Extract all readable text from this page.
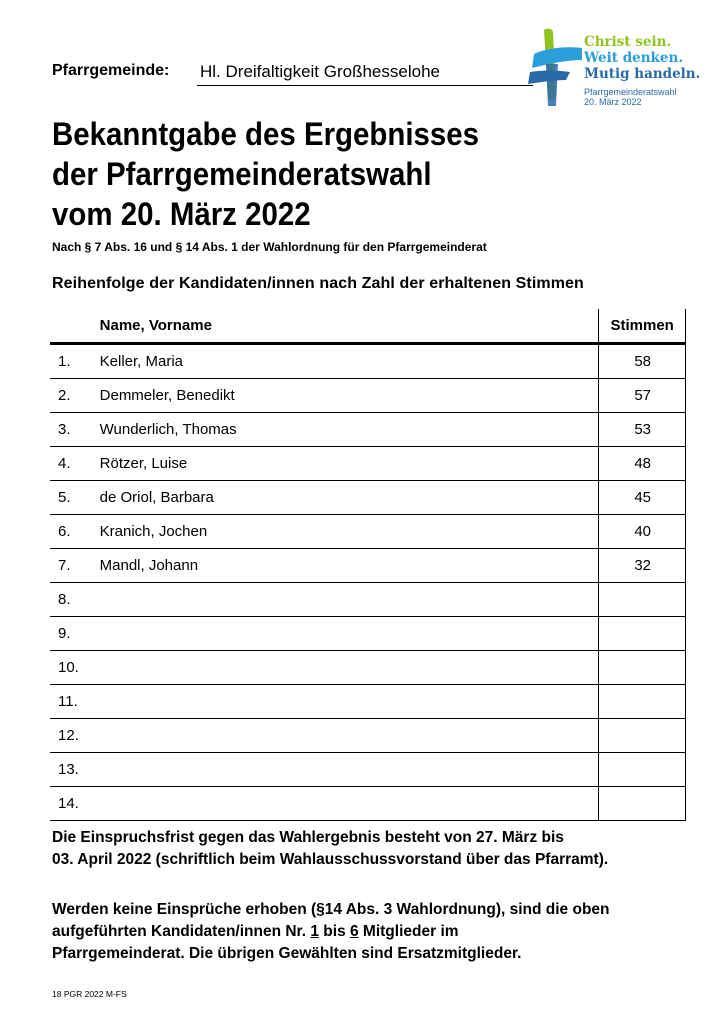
Pfarrgemeinde: Hl. Dreifaltigkeit Großhesselohe
Christ sein.
Weit denken.
Mutig handeln.
Pfarrgemeinderatswahl
20. März 2022
Bekanntgabe des Ergebnisses
der Pfarrgemeinderatswahl
vom 20. März 2022
Nach § 7 Abs. 16 und § 14 Abs. 1 der Wahlordnung für den Pfarrgemeinderat
Reihenfolge der Kandidaten/innen nach Zahl der erhaltenen Stimmen
	Name, Vorname	Stimmen
1.	Keller, Maria	58
2.	Demmeler, Benedikt	57
3.	Wunderlich, Thomas	53
4.	Rötzer, Luise	48
5.	de Oriol, Barbara	45
6.	Kranich, Jochen	40
7.	Mandl, Johann	32
8.		
9.		
10.		
11.		
12.		
13.		
14.		
Die Einspruchsfrist gegen das Wahlergebnis besteht von 27. März bis
03. April 2022 (schriftlich beim Wahlausschussvorstand über das Pfarramt).
Werden keine Einsprüche erhoben (§14 Abs. 3 Wahlordnung), sind die oben
aufgeführten Kandidaten/innen Nr. 1 bis 6 Mitglieder im
Pfarrgemeinderat. Die übrigen Gewählten sind Ersatzmitglieder.
18 PGR 2022 M-FS
